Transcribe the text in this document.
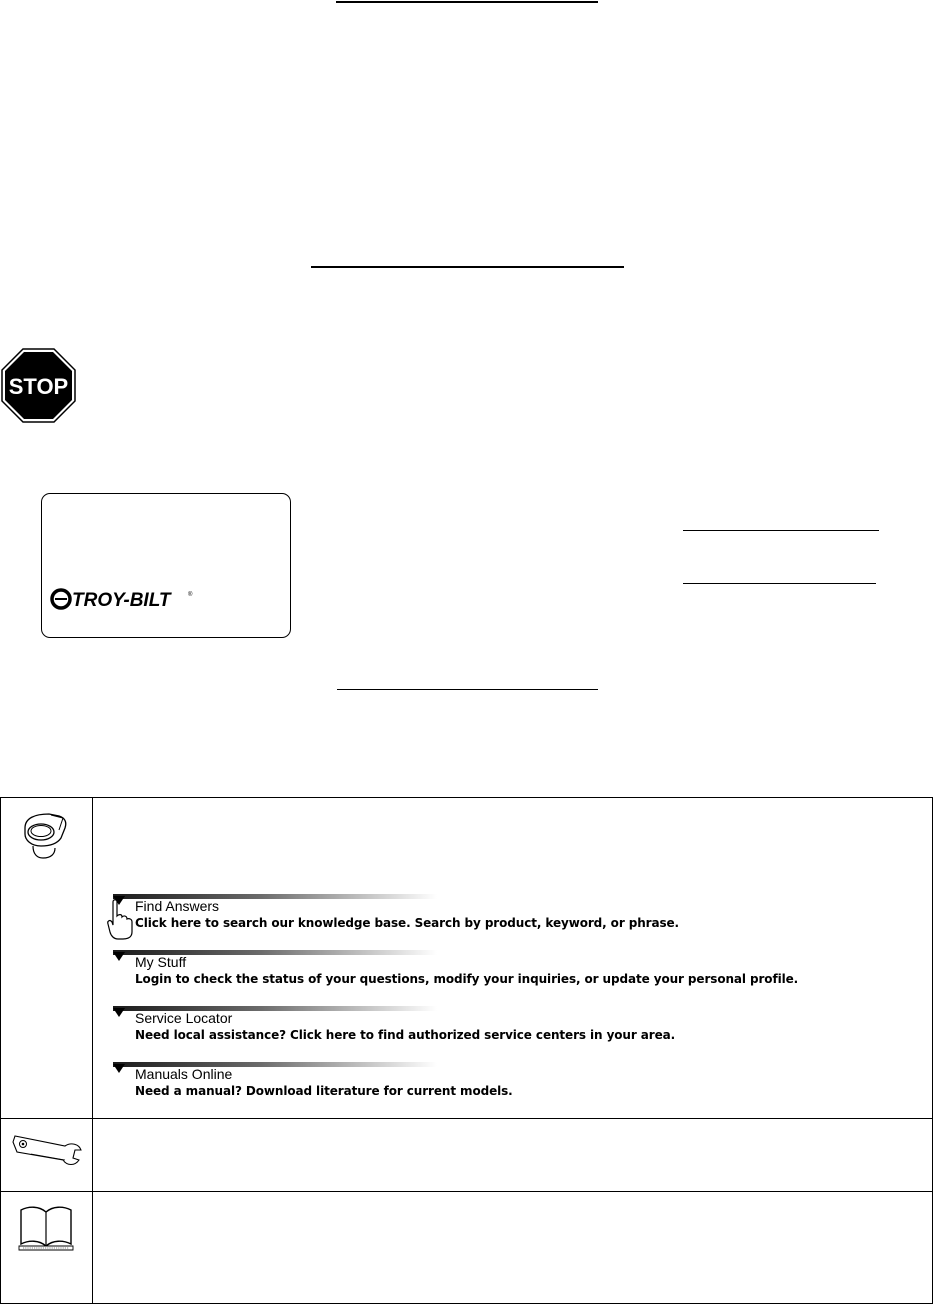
STOP
TROY-BILT	®
Find Answers
Click here to search our knowledge base. Search by product, keyword, or phrase.
My Stuff
Login to check the status of your questions, modify your inquiries, or update your personal profile.
Service Locator
Need local assistance? Click here to find authorized service centers in your area.
Manuals Online
Need a manual? Download literature for current models.
